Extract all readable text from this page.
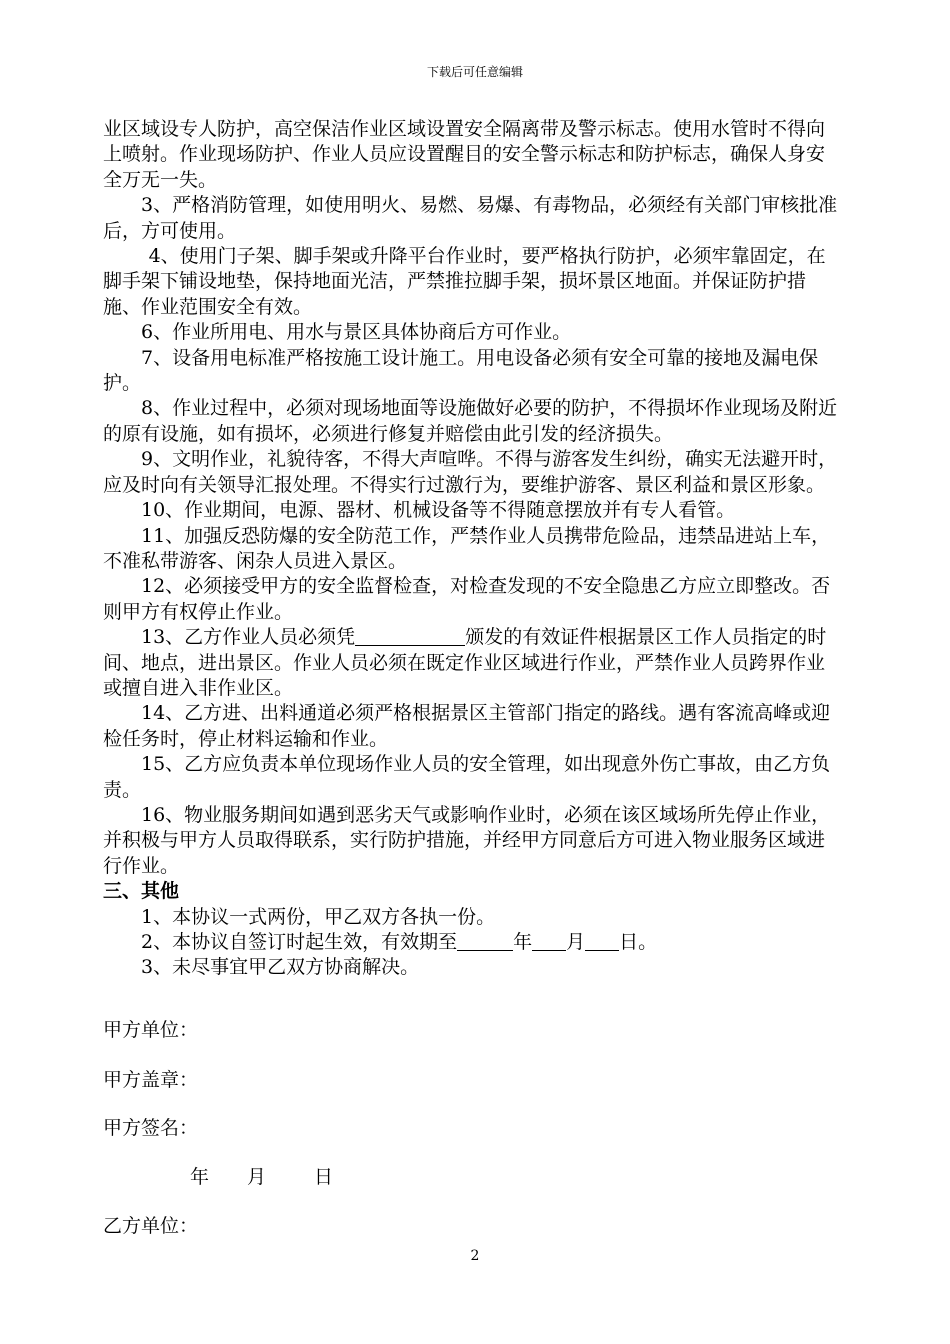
下载后可任意编辑

业区域设专人防护，高空保洁作业区域设置安全隔离带及警示标志。使用水管时不得向上喷射。作业现场防护、作业人员应设置醒目的安全警示标志和防护标志，确保人身安全万无一失。

3、严格消防管理，如使用明火、易燃、易爆、有毒物品，必须经有关部门审核批准后，方可使用。

4、使用门子架、脚手架或升降平台作业时，要严格执行防护，必须牢靠固定，在脚手架下铺设地垫，保持地面光洁，严禁推拉脚手架，损坏景区地面。并保证防护措施、作业范围安全有效。

6、作业所用电、用水与景区具体协商后方可作业。

7、设备用电标准严格按施工设计施工。用电设备必须有安全可靠的接地及漏电保护。

8、作业过程中，必须对现场地面等设施做好必要的防护，不得损坏作业现场及附近的原有设施，如有损坏，必须进行修复并赔偿由此引发的经济损失。

9、文明作业，礼貌待客，不得大声喧哗。不得与游客发生纠纷，确实无法避开时，应及时向有关领导汇报处理。不得实行过激行为，要维护游客、景区利益和景区形象。

10、作业期间，电源、器材、机械设备等不得随意摆放并有专人看管。

11、加强反恐防爆的安全防范工作，严禁作业人员携带危险品，违禁品进站上车，不准私带游客、闲杂人员进入景区。

12、必须接受甲方的安全监督检查，对检查发现的不安全隐患乙方应立即整改。否则甲方有权停止作业。

13、乙方作业人员必须凭	颁发的有效证件根据景区工作人员指定的时间、地点，进出景区。作业人员必须在既定作业区域进行作业，严禁作业人员跨界作业或擅自进入非作业区。

14、乙方进、出料通道必须严格根据景区主管部门指定的路线。遇有客流高峰或迎检任务时，停止材料运输和作业。

15、乙方应负责本单位现场作业人员的安全管理，如出现意外伤亡事故，由乙方负责。

16、物业服务期间如遇到恶劣天气或影响作业时，必须在该区域场所先停止作业，并积极与甲方人员取得联系，实行防护措施，并经甲方同意后方可进入物业服务区域进行作业。

三、其他

1、本协议一式两份，甲乙双方各执一份。

2、本协议自签订时起生效，有效期至	年 月 日。

3、未尽事宜甲乙双方协商解决。

甲方单位：
甲方盖章：
甲方签名：
年 月	日
乙方单位：
2
